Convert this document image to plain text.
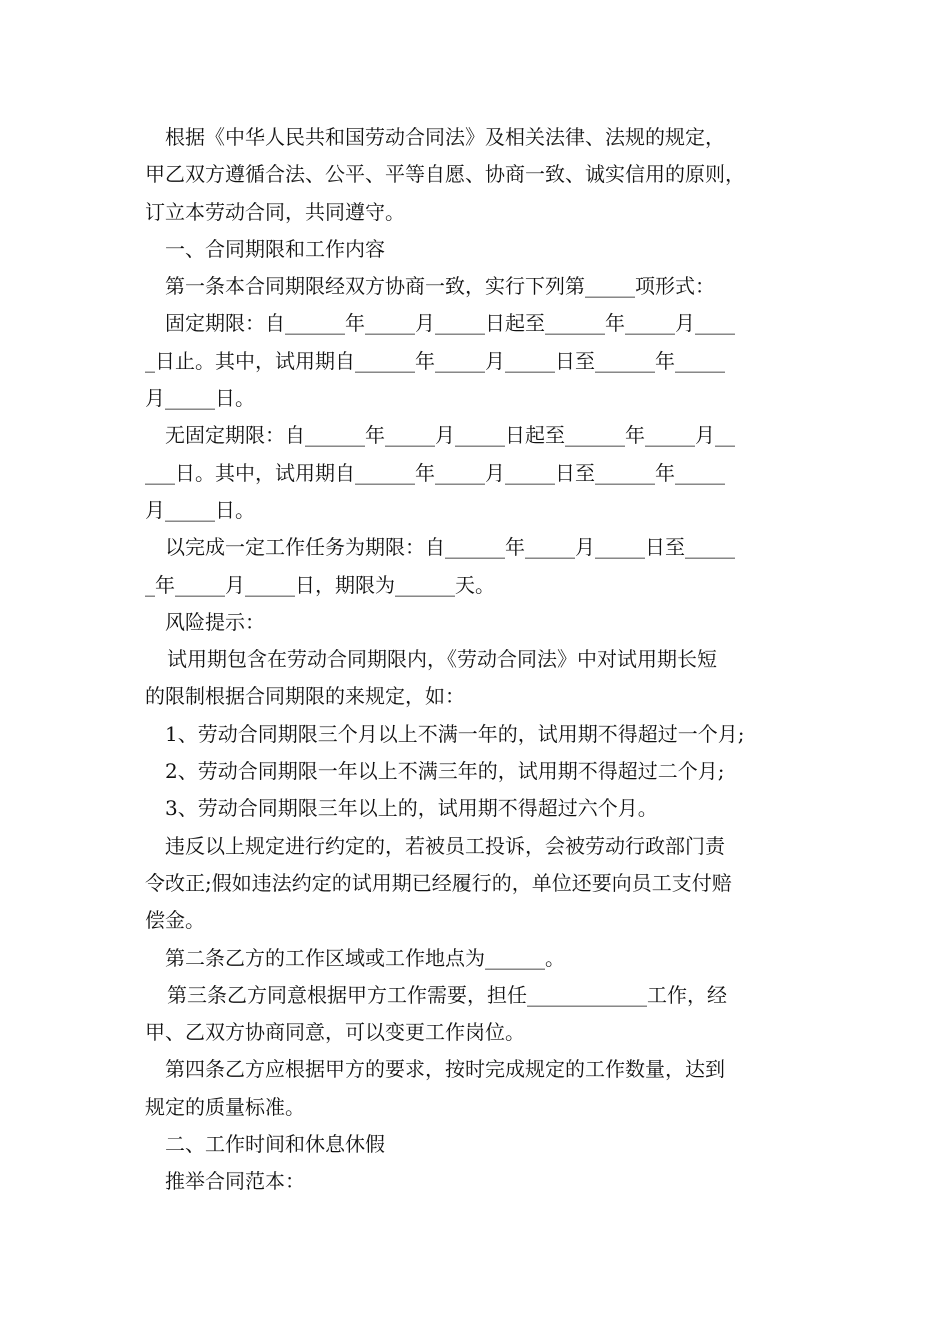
根据《中华人民共和国劳动合同法》及相关法律、法规的规定，
甲乙双方遵循合法、公平、平等自愿、协商一致、诚实信用的原则，
订立本劳动合同，共同遵守。
一、合同期限和工作内容
第一条本合同期限经双方协商一致，实行下列第_____项形式：
固定期限：自______年_____月_____日起至______年_____月____
_日止。其中，试用期自______年_____月_____日至______年_____
月_____日。
无固定期限：自______年_____月_____日起至______年_____月__
___日。其中，试用期自______年_____月_____日至______年_____
月_____日。
以完成一定工作任务为期限：自______年_____月_____日至_____
_年_____月_____日，期限为______天。
风险提示：
试用期包含在劳动合同期限内，《劳动合同法》中对试用期长短
的限制根据合同期限的来规定，如：
1、劳动合同期限三个月以上不满一年的，试用期不得超过一个月;
2、劳动合同期限一年以上不满三年的，试用期不得超过二个月;
3、劳动合同期限三年以上的，试用期不得超过六个月。
违反以上规定进行约定的，若被员工投诉，会被劳动行政部门责
令改正;假如违法约定的试用期已经履行的，单位还要向员工支付赔
偿金。
第二条乙方的工作区域或工作地点为______。
第三条乙方同意根据甲方工作需要，担任____________工作，经
甲、乙双方协商同意，可以变更工作岗位。
第四条乙方应根据甲方的要求，按时完成规定的工作数量，达到
规定的质量标准。
二、工作时间和休息休假
推举合同范本：
